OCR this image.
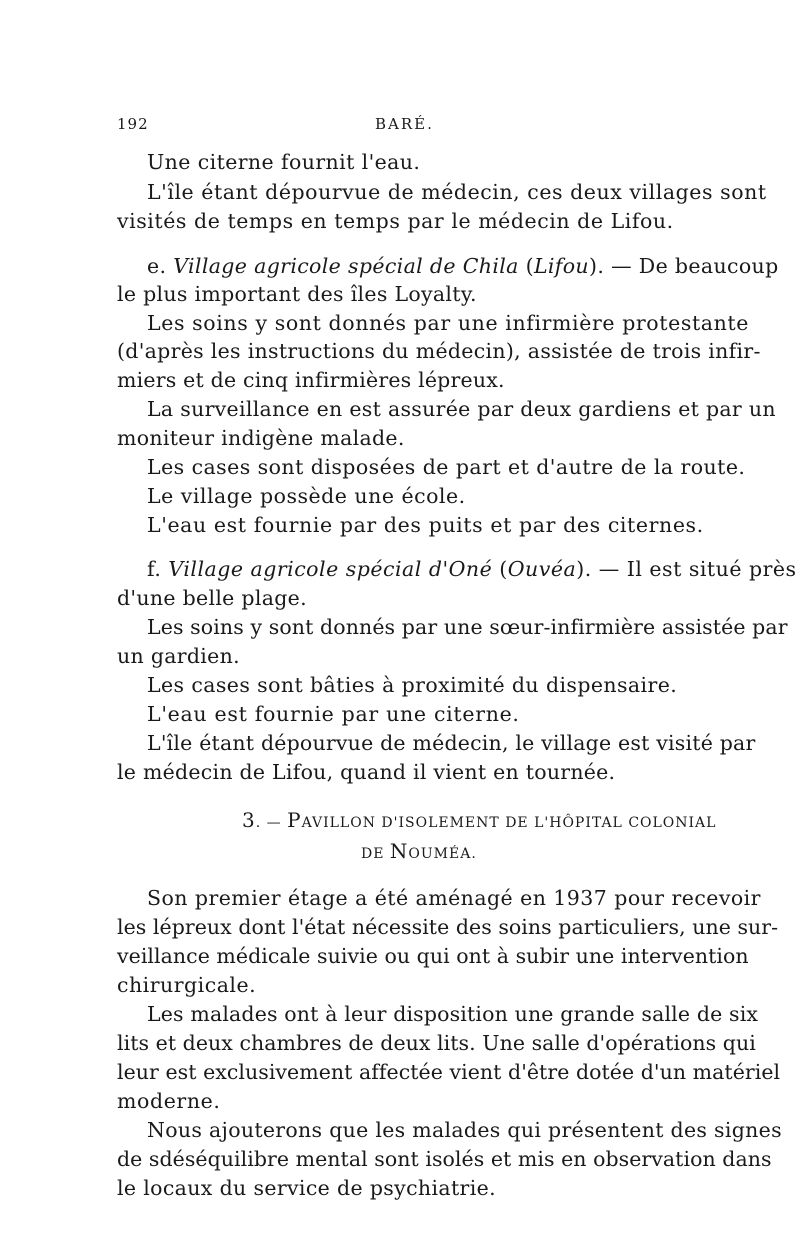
192	BARÉ.
Une citerne fournit l'eau.
L'île étant dépourvue de médecin, ces deux villages sont
visités de temps en temps par le médecin de Lifou.
e. Village agricole spécial de Chila (Lifou). — De beaucoup
le plus important des îles Loyalty.
Les soins y sont donnés par une infirmière protestante
(d'après les instructions du médecin), assistée de trois infir-
miers et de cinq infirmières lépreux.
La surveillance en est assurée par deux gardiens et par un
moniteur indigène malade.
Les cases sont disposées de part et d'autre de la route.
Le village possède une école.
L'eau est fournie par des puits et par des citernes.
f. Village agricole spécial d'Oné (Ouvéa). — Il est situé près
d'une belle plage.
Les soins y sont donnés par une sœur-infirmière assistée par
un gardien.
Les cases sont bâties à proximité du dispensaire.
L'eau est fournie par une citerne.
L'île étant dépourvue de médecin, le village est visité par
le médecin de Lifou, quand il vient en tournée.
3. — PAVILLON D'ISOLEMENT DE L'HÔPITAL COLONIAL
DE NOUMÉA.
Son premier étage a été aménagé en 1937 pour recevoir
les lépreux dont l'état nécessite des soins particuliers, une sur-
veillance médicale suivie ou qui ont à subir une intervention
chirurgicale.
Les malades ont à leur disposition une grande salle de six
lits et deux chambres de deux lits. Une salle d'opérations qui
leur est exclusivement affectée vient d'être dotée d'un matériel
moderne.
Nous ajouterons que les malades qui présentent des signes
de sdéséquilibre mental sont isolés et mis en observation dans
le locaux du service de psychiatrie.
